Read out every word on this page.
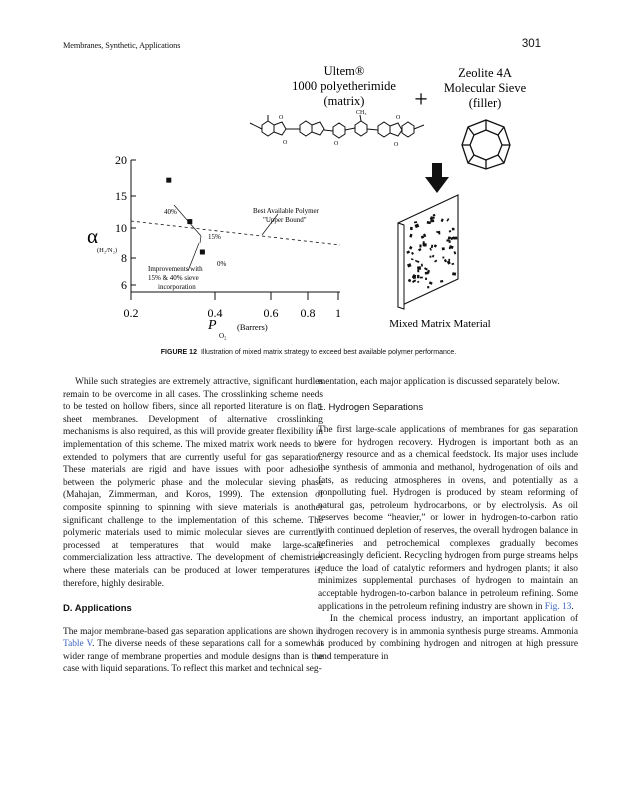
Membranes, Synthetic, Applications	301
Ultem®
1000 polyetherimide
(matrix) +
Zeolite 4A
Molecular Sieve
(filler)
O
O
O
CH₃
O
O
Mixed Matrix Material
20
15
10
8
6
0.2	0.4	0.6 0.8 1
α
(H₂/N₂)
P
O₂
(Barrers)
40%
15%
0%
Best Available Polymer
"Upper Bound"
Improvements with
15% & 40% sieve
incorporation
FIGURE 12 Illustration of mixed matrix strategy to exceed best available polymer performance.

While such strategies are extremely attractive, significant hurdles remain to be overcome in all cases. The crosslinking scheme needs to be tested on hollow fibers, since all reported literature is on flat-sheet membranes. Development of alternative crosslinking mechanisms is also required, as this will provide greater flexibility in implementation of this scheme. The mixed matrix work needs to be extended to polymers that are currently useful for gas separation. These materials are rigid and have issues with poor adhesion between the polymeric phase and the molecular sieving phase (Mahajan, Zimmerman, and Koros, 1999). The extension of composite spinning to spinning with sieve materials is another significant challenge to the implementation of this scheme. The polymeric materials used to mimic molecular sieves are currently processed at temperatures that would make large-scale commercialization less attractive. The development of chemistries where these materials can be produced at lower temperatures is, therefore, highly desirable.

D. Applications

The major membrane-based gas separation applications are shown in Table V. The diverse needs of these separations call for a somewhat wider range of membrane properties and module designs than is the case with liquid separations. To reflect this market and technical seg-

mentation, each major application is discussed separately below.

1. Hydrogen Separations

The first large-scale applications of membranes for gas separation were for hydrogen recovery. Hydrogen is important both as an energy resource and as a chemical feedstock. Its major uses include the synthesis of ammonia and methanol, hydrogenation of oils and fats, as reducing atmospheres in ovens, and potentially as a nonpolluting fuel. Hydrogen is produced by steam reforming of natural gas, petroleum hydrocarbons, or by electrolysis. As oil reserves become “heavier,” or lower in hydrogen-to-carbon ratio with continued depletion of reserves, the overall hydrogen balance in refineries and petrochemical complexes gradually becomes increasingly deficient. Recycling hydrogen from purge streams helps reduce the load of catalytic reformers and hydrogen plants; it also minimizes supplemental purchases of hydrogen to maintain an acceptable hydrogen-to-carbon balance in petroleum refining. Some applications in the petroleum refining industry are shown in Fig. 13.

In the chemical process industry, an important application of hydrogen recovery is in ammonia synthesis purge streams. Ammonia is produced by combining hydrogen and nitrogen at high pressure and temperature in
